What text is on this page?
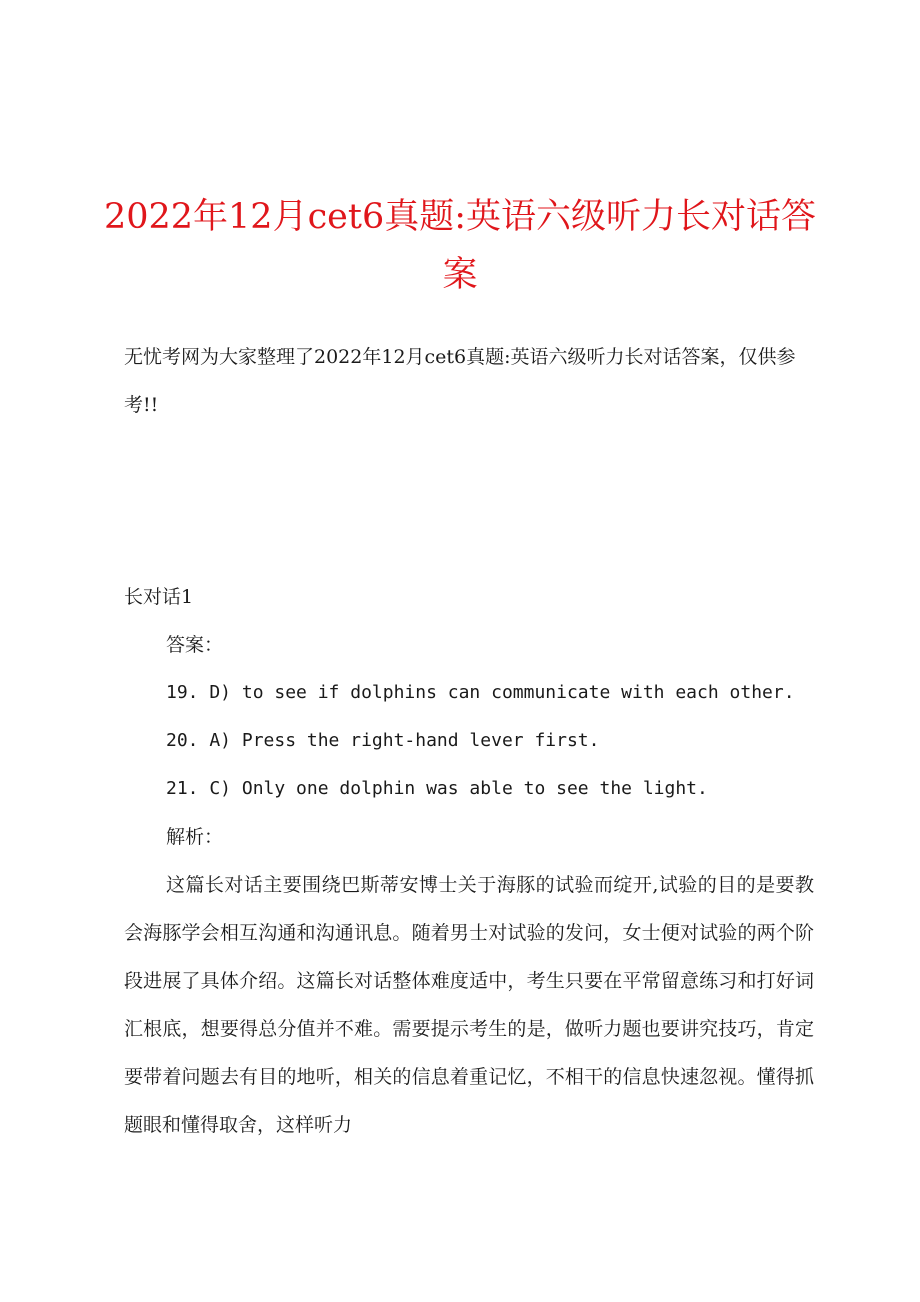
2022年12月cet6真题:英语六级听力长对话答案

无忧考网为大家整理了2022年12月cet6真题:英语六级听力长对话答案，仅供参考!!

长对话1

答案：

19. D) to see if dolphins can communicate with each other.

20. A) Press the right-hand lever first.

21. C) Only one dolphin was able to see the light.

解析：

这篇长对话主要围绕巴斯蒂安博士关于海豚的试验而绽开,试验的目的是要教会海豚学会相互沟通和沟通讯息。随着男士对试验的发问，女士便对试验的两个阶段进展了具体介绍。这篇长对话整体难度适中，考生只要在平常留意练习和打好词汇根底，想要得总分值并不难。需要提示考生的是，做听力题也要讲究技巧，肯定要带着问题去有目的地听，相关的信息着重记忆，不相干的信息快速忽视。懂得抓题眼和懂得取舍，这样听力
